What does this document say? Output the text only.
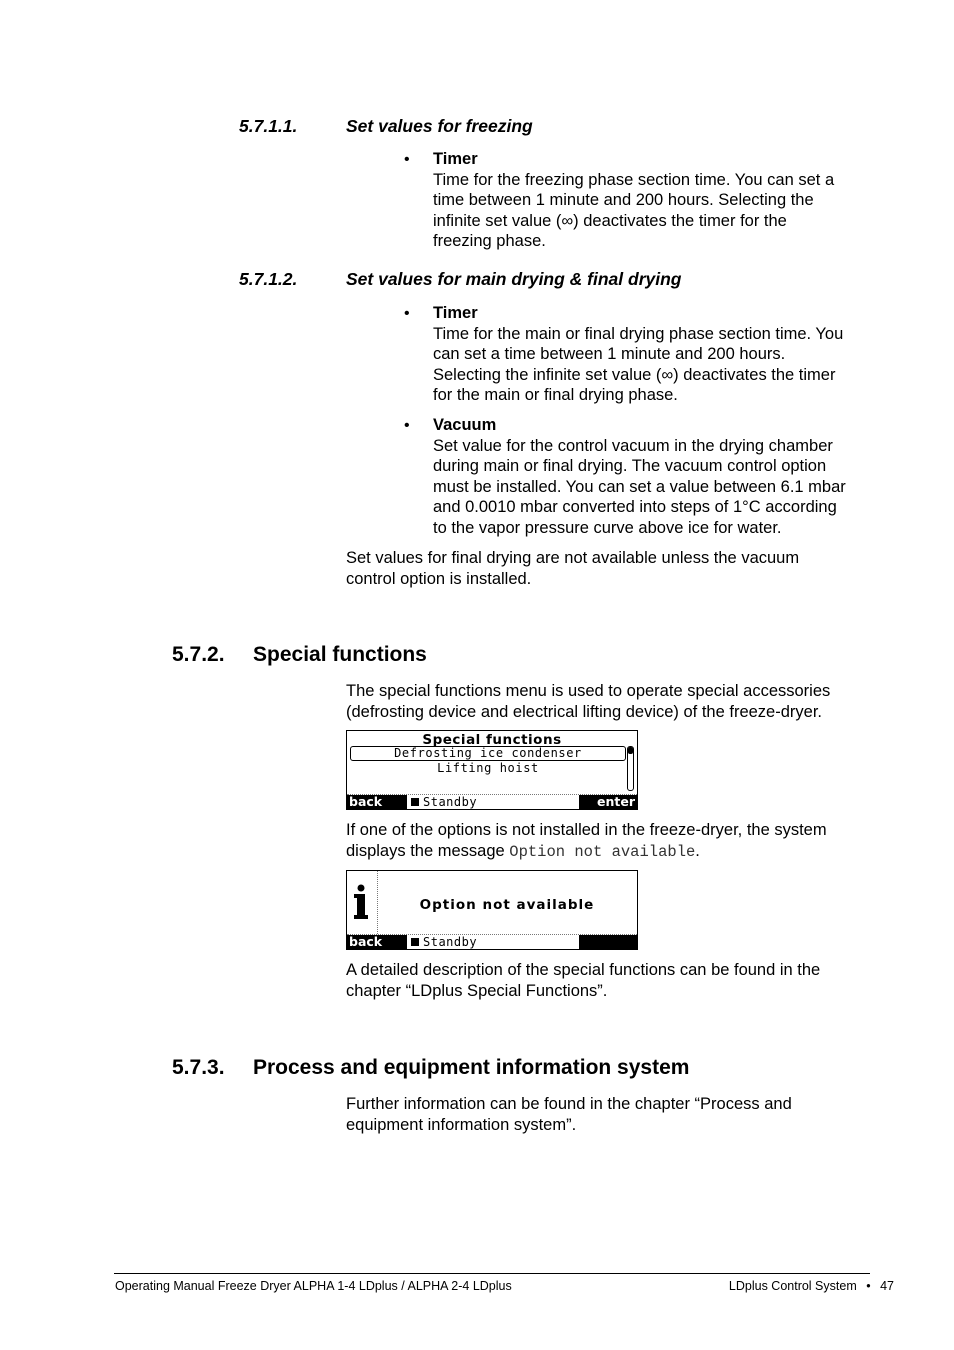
5.7.1.1.	Set values for freezing
• Timer
Time for the freezing phase section time. You can set a
time between 1 minute and 200 hours. Selecting the
infinite set value (∞) deactivates the timer for the
freezing phase.
5.7.1.2.	Set values for main drying & final drying
• Timer
Time for the main or final drying phase section time. You
can set a time between 1 minute and 200 hours.
Selecting the infinite set value (∞) deactivates the timer
for the main or final drying phase.
• Vacuum
Set value for the control vacuum in the drying chamber
during main or final drying. The vacuum control option
must be installed. You can set a value between 6.1 mbar
and 0.0010 mbar converted into steps of 1°C according
to the vapor pressure curve above ice for water.
Set values for final drying are not available unless the vacuum
control option is installed.
5.7.2. Special functions
The special functions menu is used to operate special accessories
(defrosting device and electrical lifting device) of the freeze-dryer.
Special functions
Defrosting ice condenser
Lifting hoist
back	Standby	enter
If one of the options is not installed in the freeze-dryer, the system
displays the message Option not available.
Option not available
back	Standby
A detailed description of the special functions can be found in the
chapter “LDplus Special Functions”.
5.7.3. Process and equipment information system
Further information can be found in the chapter “Process and
equipment information system”.
Operating Manual Freeze Dryer ALPHA 1-4 LDplus / ALPHA 2-4 LDplus	LDplus Control System • 47
